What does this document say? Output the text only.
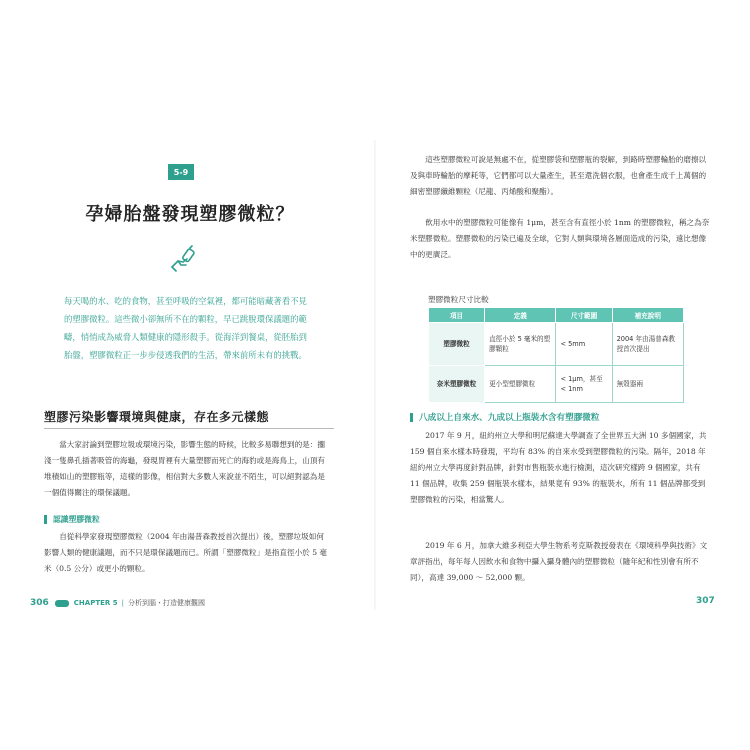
5-9
孕婦胎盤發現塑膠微粒？

每天喝的水、吃的食物，甚至呼吸的空氣裡，都可能暗藏著看不見的塑膠微粒。這些微小卻無所不在的顆粒，早已跳脫環保議題的範疇，悄悄成為威脅人類健康的隱形殺手。從海洋到餐桌，從胚胎到胎盤，塑膠微粒正一步步侵透我們的生活，帶來前所未有的挑戰。

塑膠污染影響環境與健康，存在多元樣態

當大家討論到塑膠垃圾或環境污染，影響生態的時候，比較多易聯想到的是：擱淺一隻鼻孔插著吸管的海龜，發現胃裡有大量塑膠而死亡的海豹或是海鳥上，山頂有堆積如山的塑膠瓶等，這樣的影像，相信對大多數人來說並不陌生，可以絕對認為是一個值得關注的環保議題。

認識塑膠微粒

自從科學家發現塑膠微粒（2004 年由湯普森教授首次提出）後，塑膠垃圾如何影響人類的健康議題，而不只是環保議題而已。所謂「塑膠微粒」是指直徑小於 5 毫米（0.5 公分）或更小的顆粒。

306	CHAPTER 5 | 分析到腦・打造健康觀國

這些塑膠微粒可說是無處不在，從塑膠袋和塑膠瓶的裂解，到路時塑膠輪胎的磨擦以及與車時輪胎的摩耗等，它們都可以大量產生，甚至還洗個衣服，也會產生成千上萬個的細密塑膠纖維顆粒（尼龍、丙烯酸和聚酯）。

飲用水中的塑膠微粒可能像有 1μm，甚至含有直徑小於 1nm 的塑膠微粒，稱之為奈米塑膠微粒。塑膠微粒的污染已遍及全球，它對人類與環境各層面造成的污染，遠比想像中的更廣泛。

塑膠微粒尺寸比較
項目	定義	尺寸範圍	補充說明
塑膠微粒	直徑小於 5 毫米的塑膠顆粒	< 5mm	2004 年由湯普森教授首次提出
奈米塑膠微粒	更小型塑膠微粒	< 1μm，甚至 < 1nm	無殼器兩
八成以上自來水、九成以上瓶裝水含有塑膠微粒

2017 年 9 月，紐約州立大學和明尼蘇達大學調查了全世界五大洲 10 多個國家，共 159 個自來水樣本時發現，平均有 83% 的自來水受到塑膠微粒的污染。隔年，2018 年紐約州立大學再度針對品牌，針對市售瓶裝水進行檢測，這次研究樣跨 9 個國家，共有 11 個品牌，收集 259 個瓶裝水樣本，結果竟有 93% 的瓶裝水，所有 11 個品牌都受到塑膠微粒的污染，相當驚人。

2019 年 6 月，加拿大維多利亞大學生物系考克斯教授發表在《環境科學與技術》文章評指出，每年每人因飲水和食物中攝入攝身體內的塑膠微粒（隨年紀和性別會有所不同），高達 39,000 ～ 52,000 顆。

307
